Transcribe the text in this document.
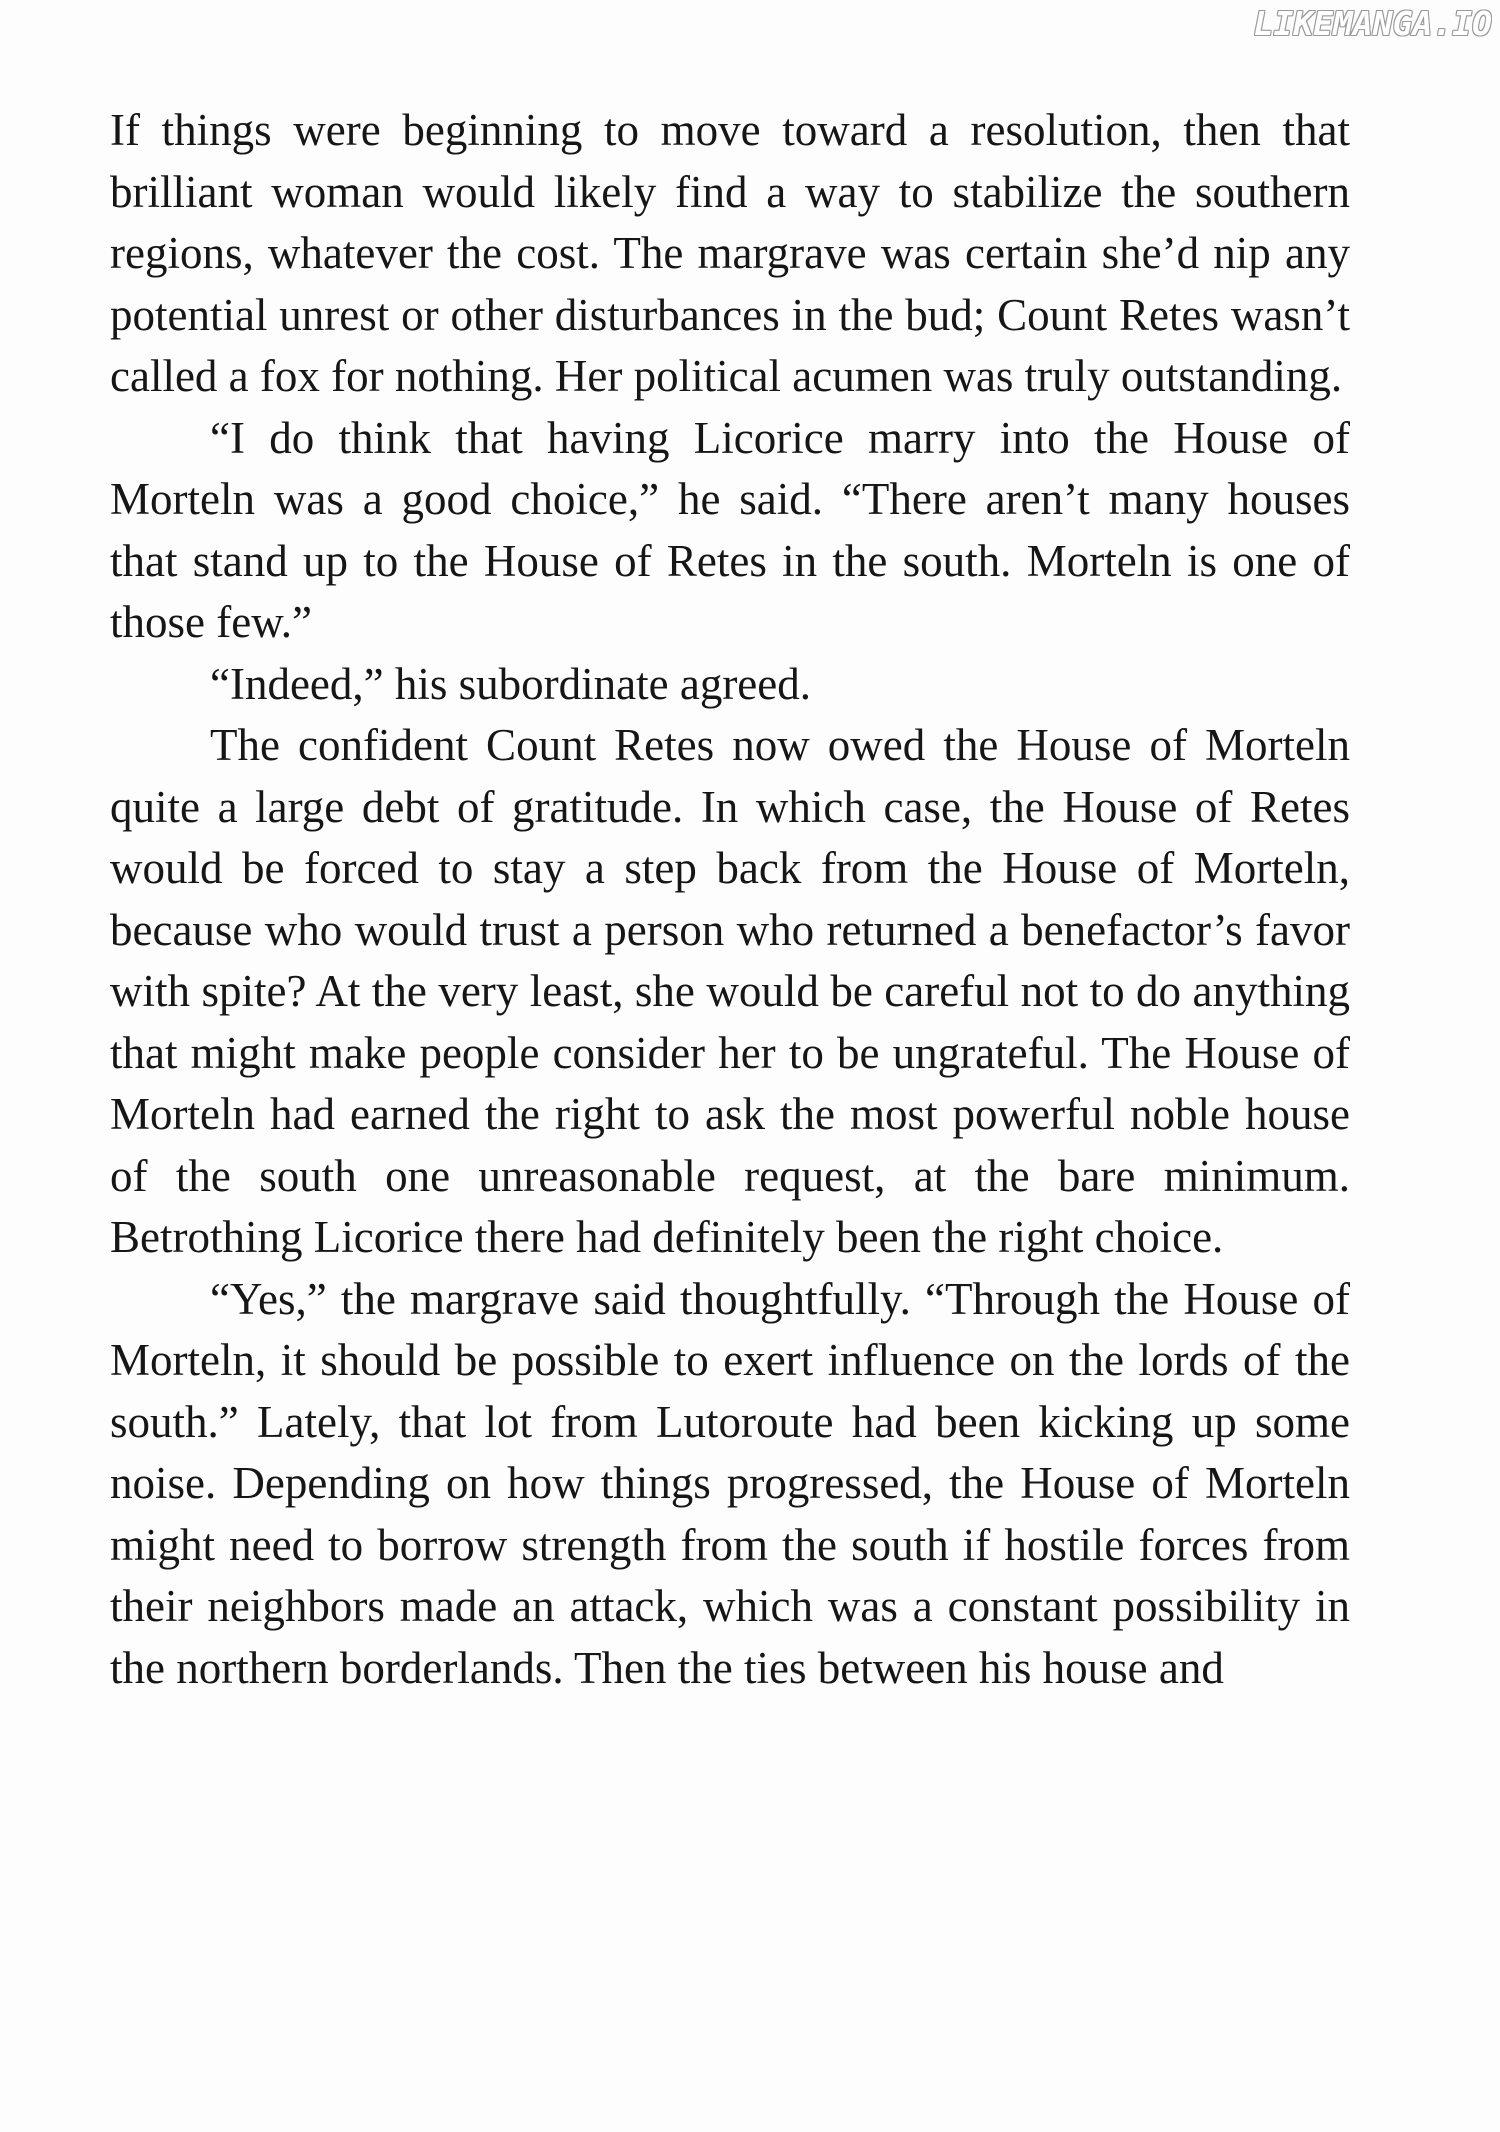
LIKEMANGA.IO

If things were beginning to move toward a resolution, then that brilliant woman would likely find a way to stabilize the southern regions, whatever the cost. The margrave was certain she’d nip any potential unrest or other disturbances in the bud; Count Retes wasn’t called a fox for nothing. Her political acumen was truly outstanding.

“I do think that having Licorice marry into the House of Morteln was a good choice,” he said. “There aren’t many houses that stand up to the House of Retes in the south. Morteln is one of those few.”

“Indeed,” his subordinate agreed.

The confident Count Retes now owed the House of Morteln quite a large debt of gratitude. In which case, the House of Retes would be forced to stay a step back from the House of Morteln, because who would trust a person who returned a benefactor’s favor with spite? At the very least, she would be careful not to do anything that might make people consider her to be ungrateful. The House of Morteln had earned the right to ask the most powerful noble house of the south one unreasonable request, at the bare minimum. Betrothing Licorice there had definitely been the right choice.

“Yes,” the margrave said thoughtfully. “Through the House of Morteln, it should be possible to exert influence on the lords of the south.” Lately, that lot from Lutoroute had been kicking up some noise. Depending on how things progressed, the House of Morteln might need to borrow strength from the south if hostile forces from their neighbors made an attack, which was a constant possibility in the northern borderlands. Then the ties between his house and
